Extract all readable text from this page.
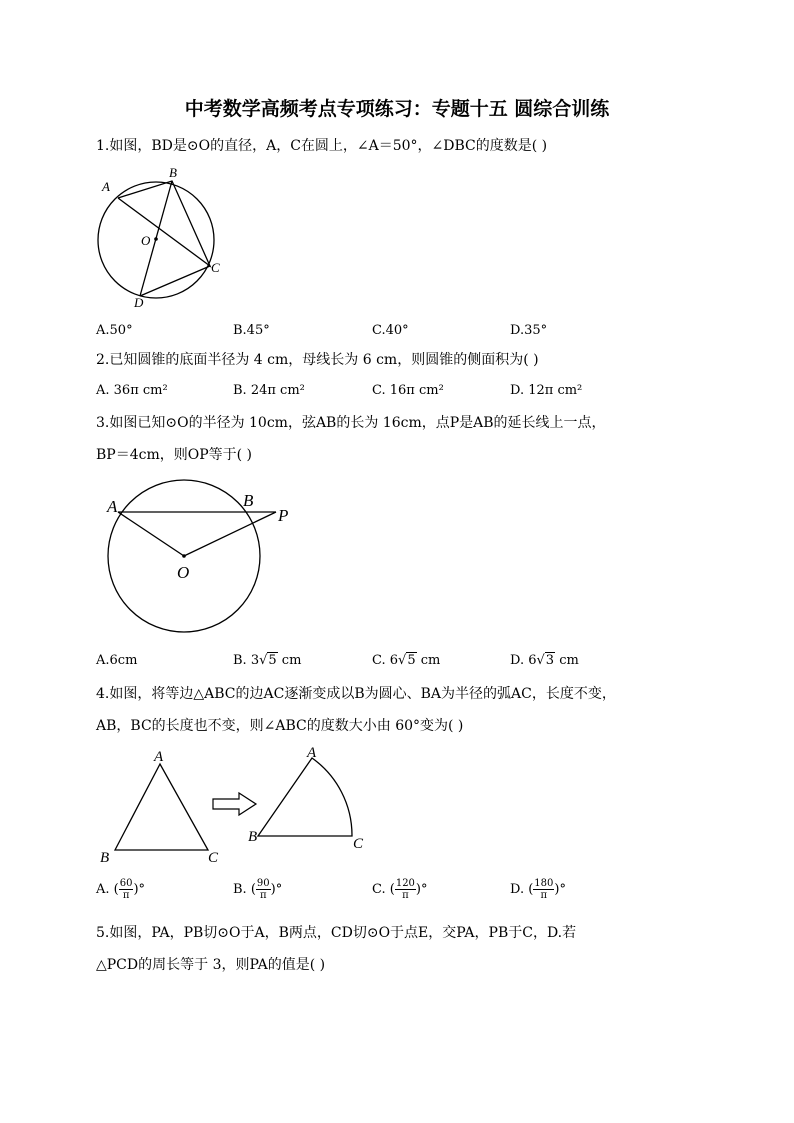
中考数学高频考点专项练习：专题十五 圆综合训练
1.如图，BD是⊙O的直径，A，C在圆上，∠A＝50°，∠DBC的度数是( )
A
B
O
C
D
A.50°	B.45°	C.40°	D.35°
2.已知圆锥的底面半径为 4 cm，母线长为 6 cm，则圆锥的侧面积为( )
A. 36π cm²	B. 24π cm²	C. 16π cm²	D. 12π cm²
3.如图已知⊙O的半径为 10cm，弦AB的长为 16cm，点P是AB的延长线上一点，
BP＝4cm，则OP等于( )
A	B
P
O
A.6cm	B. 3√5 cm	C. 6√5 cm	D. 6√3 cm
4.如图，将等边△ABC的边AC逐渐变成以B为圆心、BA为半径的弧AC，长度不变，
AB，BC的长度也不变，则∠ABC的度数大小由 60°变为( )
A
B	C
A
B	C
A. ( $\frac{60}{\pi}$ )°	B. ( $\frac{90}{\pi}$ )°	C. ( $\frac{120}{\pi}$ )°	D. ( $\frac{180}{\pi}$ )°
5.如图，PA，PB切⊙O于A，B两点，CD切⊙O于点E，交PA，PB于C，D.若
△PCD的周长等于 3，则PA的值是( )
